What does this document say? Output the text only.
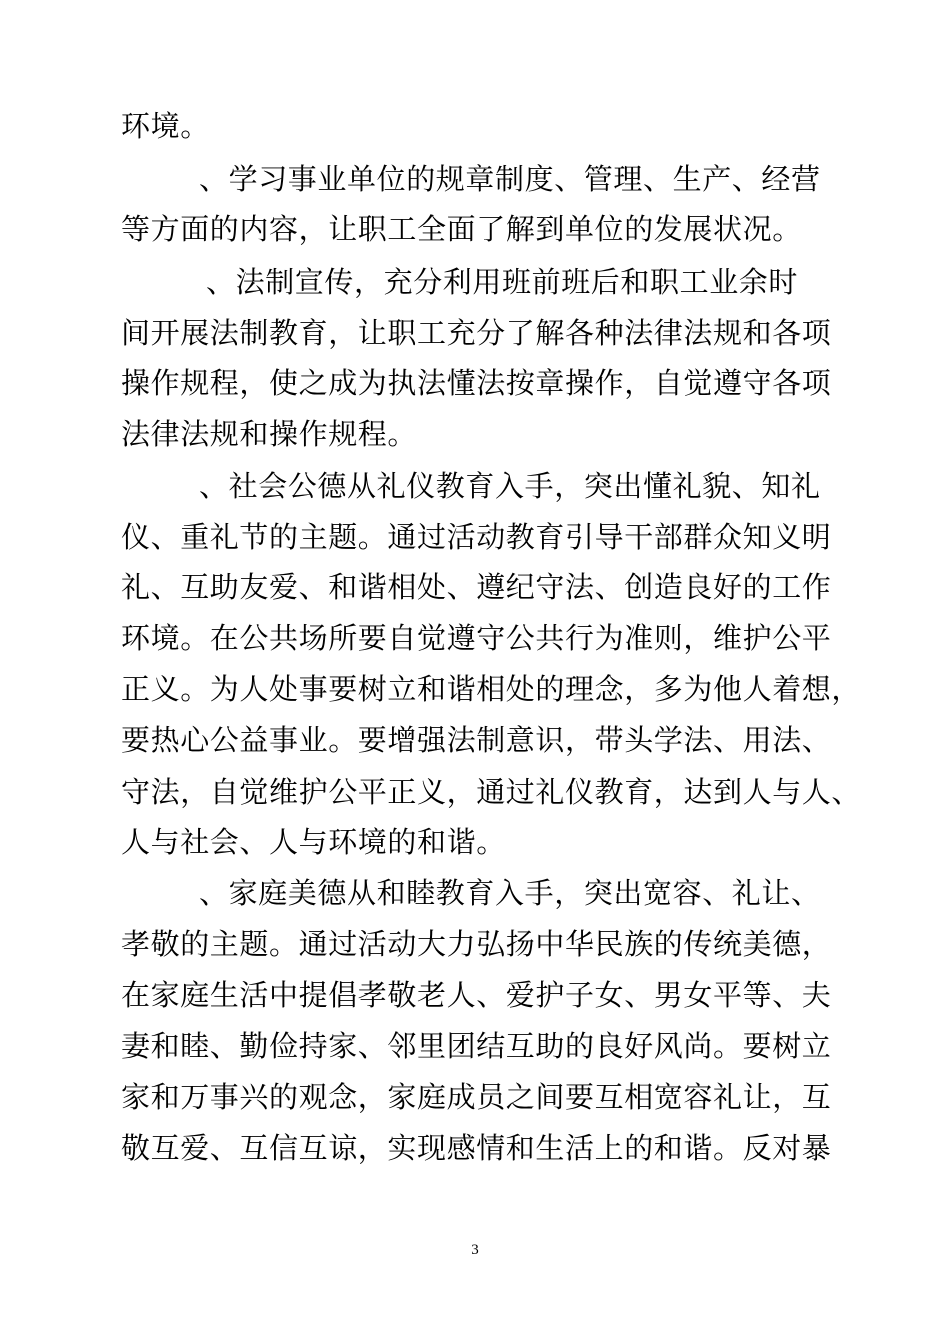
环境。
、学习事业单位的规章制度、管理、生产、经营
等方面的内容，让职工全面了解到单位的发展状况。
、法制宣传，充分利用班前班后和职工业余时
间开展法制教育，让职工充分了解各种法律法规和各项
操作规程，使之成为执法懂法按章操作，自觉遵守各项
法律法规和操作规程。
、社会公德从礼仪教育入手，突出懂礼貌、知礼
仪、重礼节的主题。通过活动教育引导干部群众知义明
礼、互助友爱、和谐相处、遵纪守法、创造良好的工作
环境。在公共场所要自觉遵守公共行为准则，维护公平
正义。为人处事要树立和谐相处的理念，多为他人着想，
要热心公益事业。要增强法制意识，带头学法、用法、
守法，自觉维护公平正义，通过礼仪教育，达到人与人、
人与社会、人与环境的和谐。
、家庭美德从和睦教育入手，突出宽容、礼让、
孝敬的主题。通过活动大力弘扬中华民族的传统美德，
在家庭生活中提倡孝敬老人、爱护子女、男女平等、夫
妻和睦、勤俭持家、邻里团结互助的良好风尚。要树立
家和万事兴的观念，家庭成员之间要互相宽容礼让，互
敬互爱、互信互谅，实现感情和生活上的和谐。反对暴
3
